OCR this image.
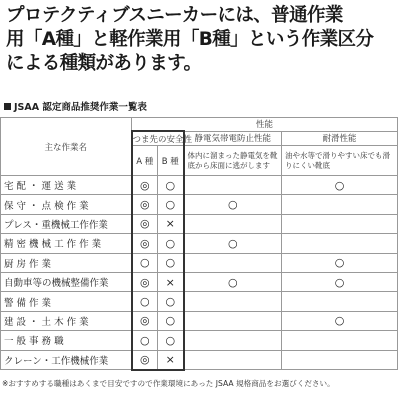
プロテクティブスニーカーには、普通作業
用「A種」と軽作業用「B種」という作業区分
による種類があります。
JSAA 認定商品推奨作業一覧表
主な作業名	性能			
	つま先の安全性		静電気帯電防止性能	耐滑性能
	A 種	B 種	体内に溜まった静電気を靴底から床面に逃がします	油や水等で滑りやすい床でも滑りにくい靴底
宅 配 ・ 運 送 業	◎	○		○
保 守 ・ 点 検 作 業	◎	○	○	
プレス・重機械工作作業	◎	×		
精 密 機 械 工 作 作 業	◎	○	○	
厨 房 作 業	○	○		○
自動車等の機械整備作業	◎	×	○	○
警 備 作 業	○	○		
建 設 ・ 土 木 作 業	◎	○		○
一 般 事 務 職	○	○		
クレーン・工作機械作業	◎	×		
※おすすめする職種はあくまで目安ですので作業環境にあった JSAA 規格商品をお選びください。
